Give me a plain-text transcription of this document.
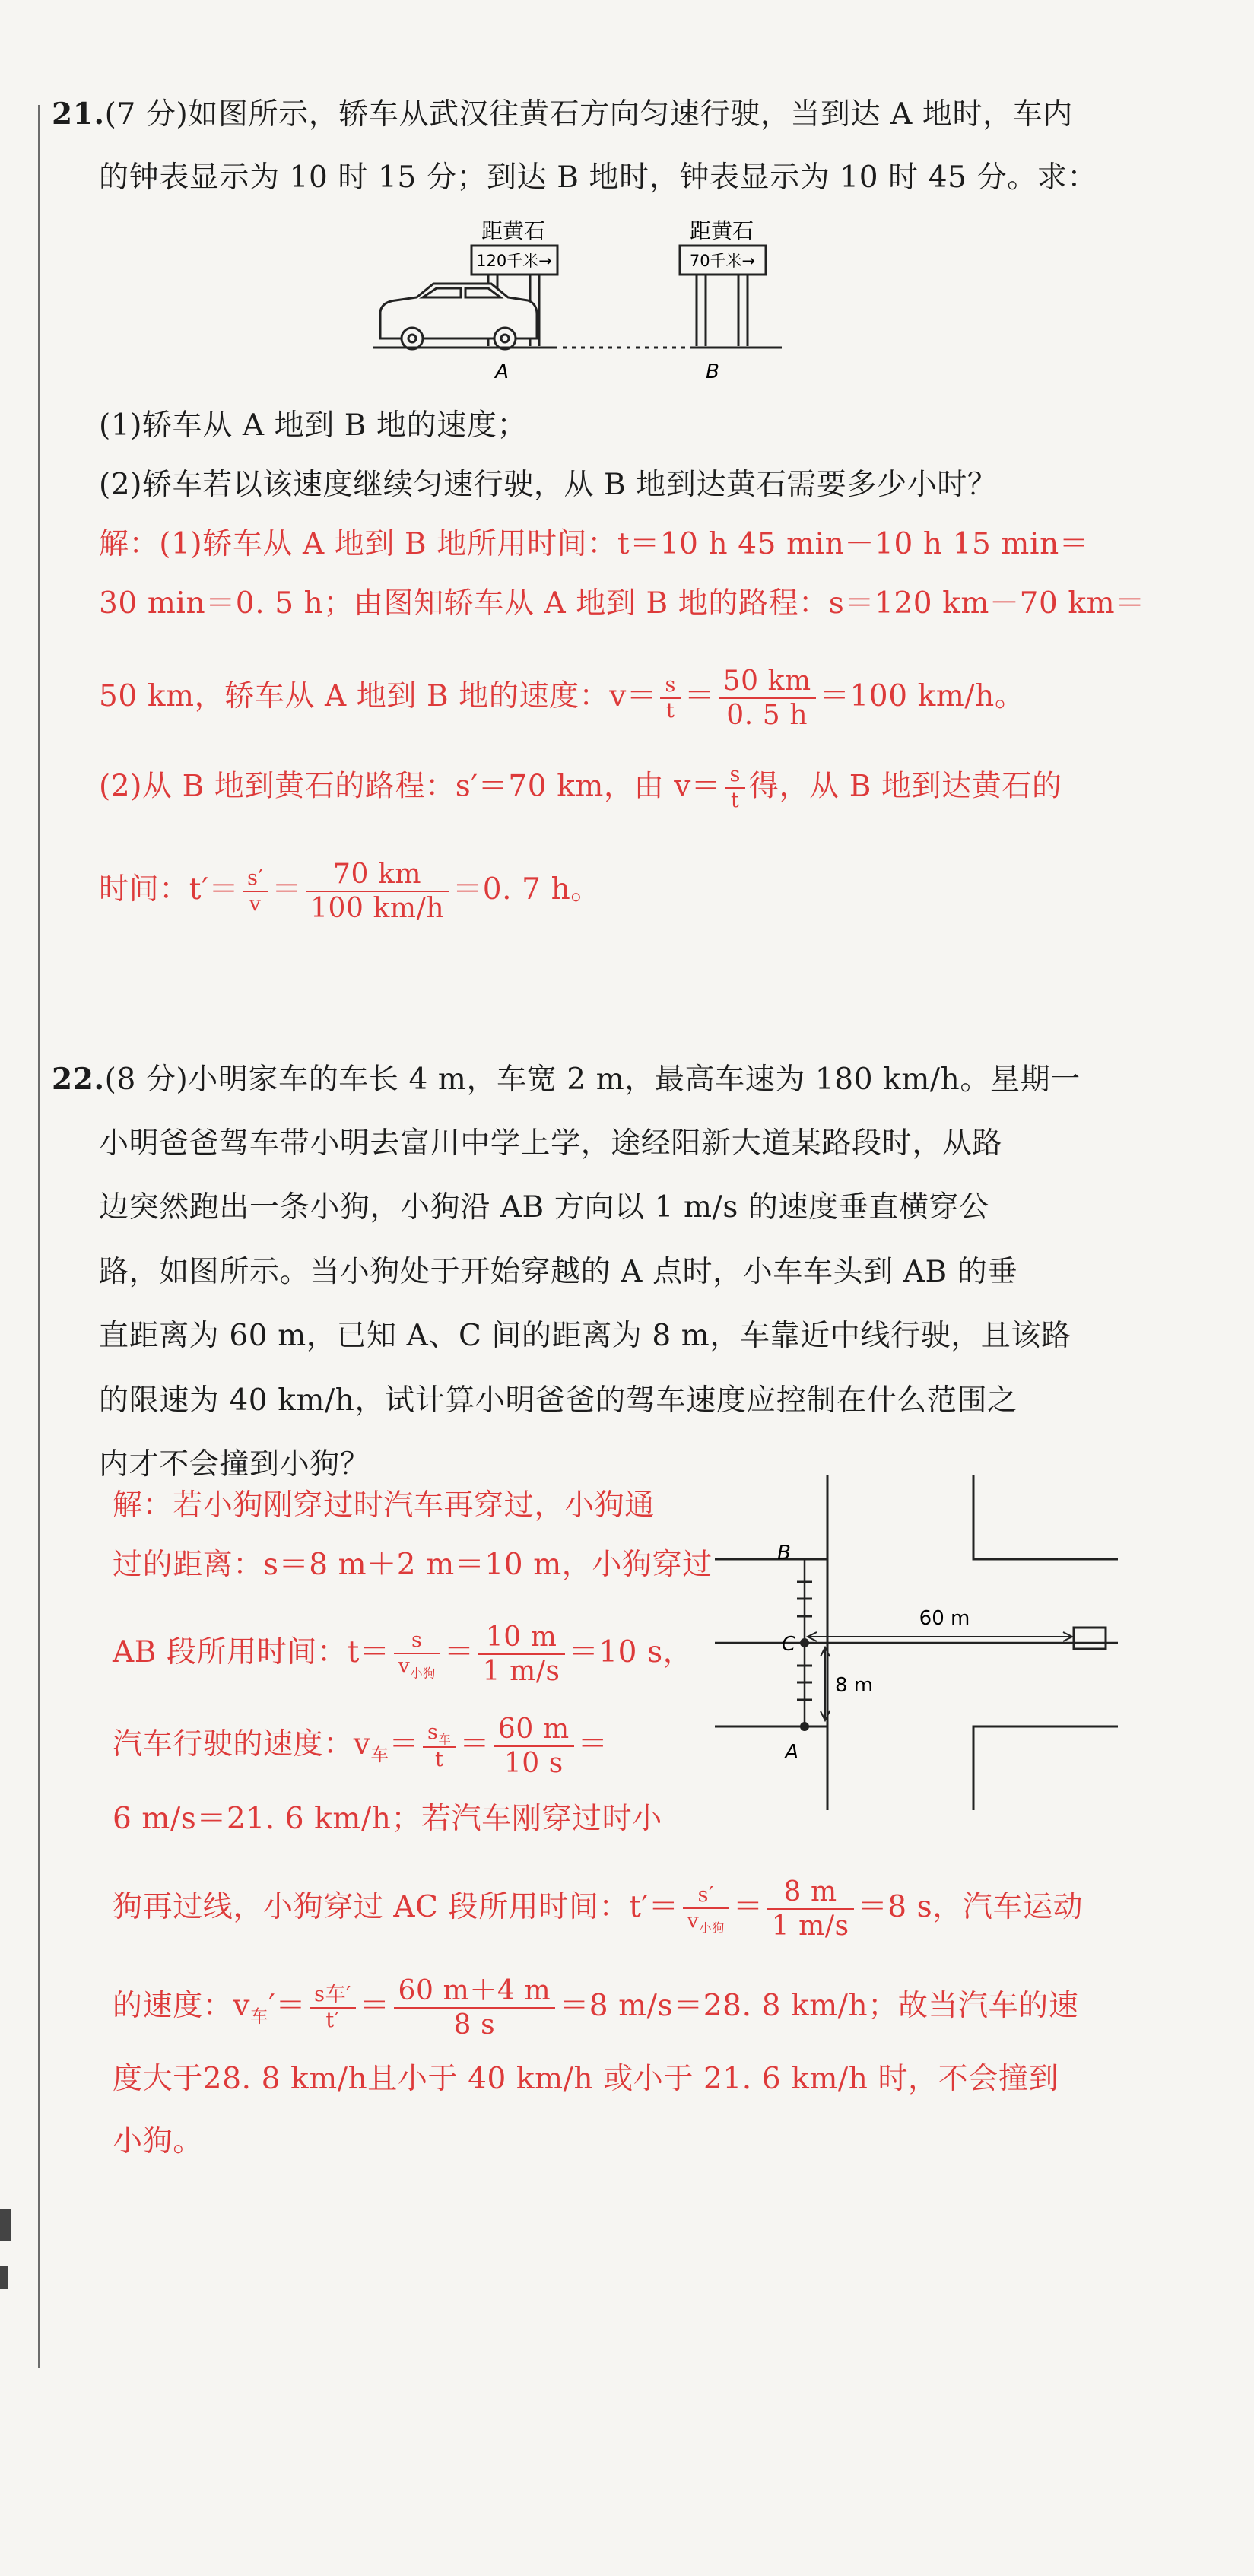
21.(7 分)如图所示，轿车从武汉往黄石方向匀速行驶，当到达 A 地时，车内
的钟表显示为 10 时 15 分；到达 B 地时，钟表显示为 10 时 45 分。求：
距黄石
120千米→
距黄石
70千米→
A	B
(1)轿车从 A 地到 B 地的速度；
(2)轿车若以该速度继续匀速行驶，从 B 地到达黄石需要多少小时？
解：(1)轿车从 A 地到 B 地所用时间：t＝10 h 45 min－10 h 15 min＝
30 min＝0. 5 h；由图知轿车从 A 地到 B 地的路程：s＝120 km－70 km＝
50 km，轿车从 A 地到 B 地的速度：$v= \frac{s}{t} = \frac{50 km}{0. 5 h} =100$ km/h。
(2)从 B 地到黄石的路程：s′＝70 km，由 $v= \frac{s}{t}$ 得，从 B 地到达黄石的
时间：$t'= \frac{s'}{v} = \frac{70 km}{100 km/h} =0$. 7 h。
22.(8 分)小明家车的车长 4 m，车宽 2 m，最高车速为 180 km/h。星期一
小明爸爸驾车带小明去富川中学上学，途经阳新大道某路段时，从路
边突然跑出一条小狗，小狗沿 AB 方向以 1 m/s 的速度垂直横穿公
路，如图所示。当小狗处于开始穿越的 A 点时，小车车头到 AB 的垂
直距离为 60 m，已知 A、C 间的距离为 8 m，车靠近中线行驶，且该路
的限速为 40 km/h，试计算小明爸爸的驾车速度应控制在什么范围之
内才不会撞到小狗？
B
C
A
60 m
8 m
解：若小狗刚穿过时汽车再穿过，小狗通
过的距离：s＝8 m＋2 m＝10 m，小狗穿过
AB 段所用时间：$t= \frac{s}{v_{小狗}} = \frac{10 m}{1 m/s} =10$ s，
汽车行驶的速度：$v_车= \frac{s_车}{t} = \frac{60 m}{10 s}$ ＝
6 m/s＝21. 6 km/h；若汽车刚穿过时小
狗再过线，小狗穿过 AC 段所用时间：$t'= \frac{s'}{v_{小狗}} = \frac{8 m}{1 m/s} =8$ s，汽车运动
的速度：$v_车'= \frac{\text{s车′}}{t'} = \frac{60 m+4 m}{8 s} =8$ m/s＝28. 8 km/h；故当汽车的速
度大于28. 8 km/h且小于 40 km/h 或小于 21. 6 km/h 时，不会撞到
小狗。
